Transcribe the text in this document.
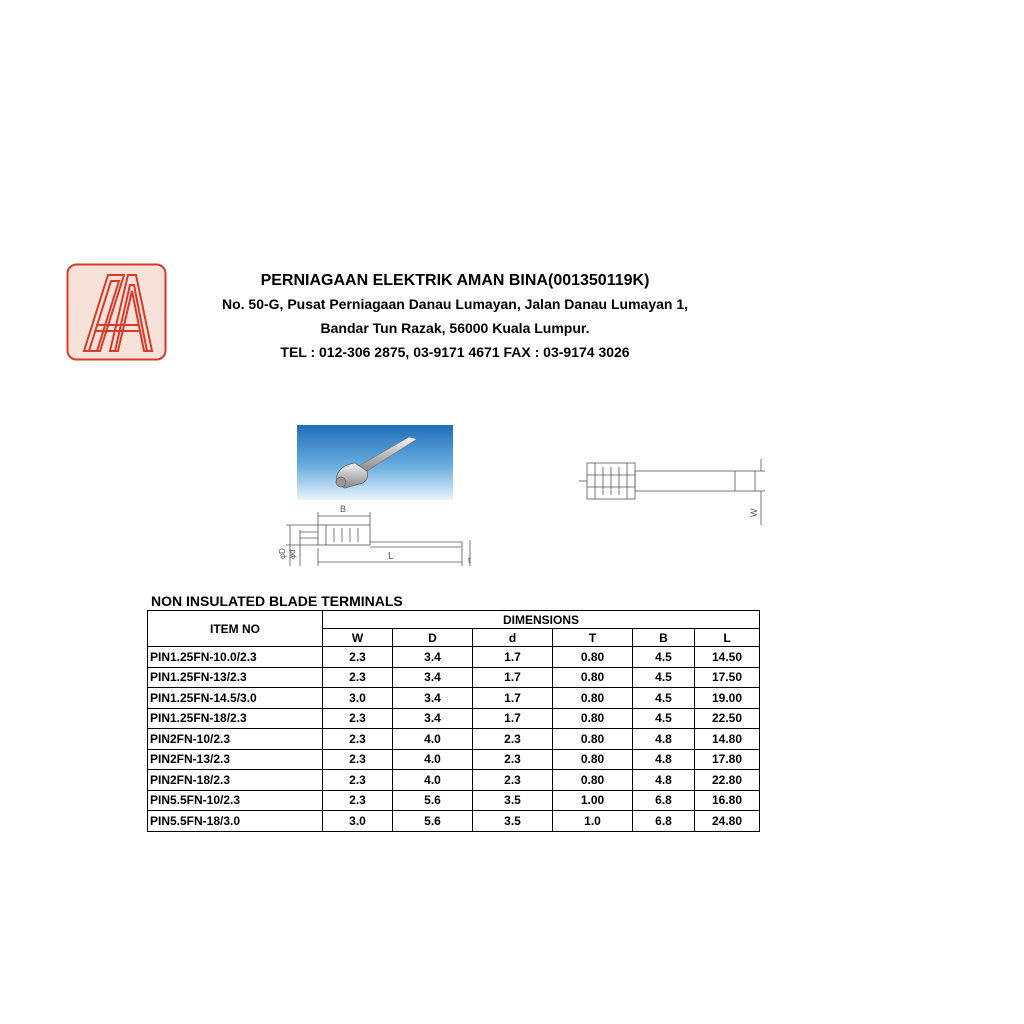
PERNIAGAAN ELEKTRIK AMAN BINA(001350119K)
No. 50-G, Pusat Perniagaan Danau Lumayan, Jalan Danau Lumayan 1,
Bandar Tun Razak, 56000 Kuala Lumpur.
TEL : 012-306 2875, 03-9171 4671 FAX : 03-9174 3026
B
L
φD φd
t
W
NON INSULATED BLADE TERMINALS
ITEM NO	DIMENSIONS					
	W	D	d	T	B	L
PIN1.25FN-10.0/2.3	2.3	3.4	1.7	0.80	4.5	14.50
PIN1.25FN-13/2.3	2.3	3.4	1.7	0.80	4.5	17.50
PIN1.25FN-14.5/3.0	3.0	3.4	1.7	0.80	4.5	19.00
PIN1.25FN-18/2.3	2.3	3.4	1.7	0.80	4.5	22.50
PIN2FN-10/2.3	2.3	4.0	2.3	0.80	4.8	14.80
PIN2FN-13/2.3	2.3	4.0	2.3	0.80	4.8	17.80
PIN2FN-18/2.3	2.3	4.0	2.3	0.80	4.8	22.80
PIN5.5FN-10/2.3	2.3	5.6	3.5	1.00	6.8	16.80
PIN5.5FN-18/3.0	3.0	5.6	3.5	1.0	6.8	24.80
